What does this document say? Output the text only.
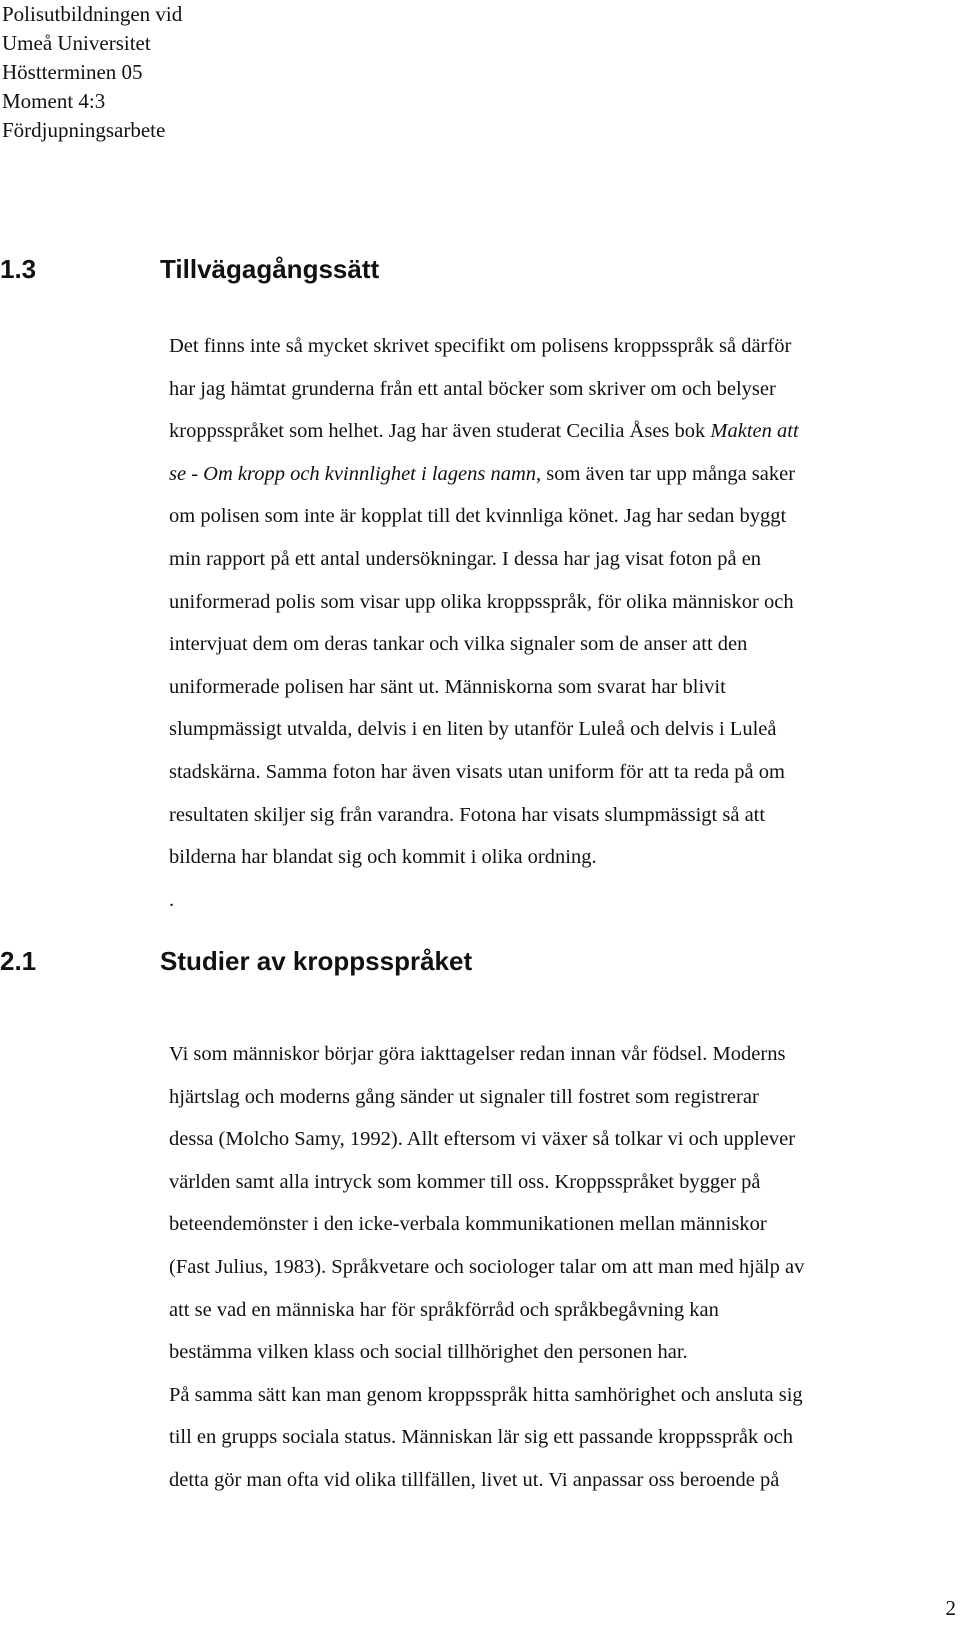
Polisutbildningen vid
Umeå Universitet
Höstterminen 05
Moment 4:3
Fördjupningsarbete
1.3	Tillvägagångssätt
Det finns inte så mycket skrivet specifikt om polisens kroppsspråk så därför
har jag hämtat grunderna från ett antal böcker som skriver om och belyser
kroppsspråket som helhet. Jag har även studerat Cecilia Åses bok Makten att
se - Om kropp och kvinnlighet i lagens namn, som även tar upp många saker
om polisen som inte är kopplat till det kvinnliga könet. Jag har sedan byggt
min rapport på ett antal undersökningar. I dessa har jag visat foton på en
uniformerad polis som visar upp olika kroppsspråk, för olika människor och
intervjuat dem om deras tankar och vilka signaler som de anser att den
uniformerade polisen har sänt ut. Människorna som svarat har blivit
slumpmässigt utvalda, delvis i en liten by utanför Luleå och delvis i Luleå
stadskärna. Samma foton har även visats utan uniform för att ta reda på om
resultaten skiljer sig från varandra. Fotona har visats slumpmässigt så att
bilderna har blandat sig och kommit i olika ordning.
.
2.1	Studier av kroppsspråket
Vi som människor börjar göra iakttagelser redan innan vår födsel. Moderns
hjärtslag och moderns gång sänder ut signaler till fostret som registrerar
dessa (Molcho Samy, 1992). Allt eftersom vi växer så tolkar vi och upplever
världen samt alla intryck som kommer till oss. Kroppsspråket bygger på
beteendemönster i den icke-verbala kommunikationen mellan människor
(Fast Julius, 1983). Språkvetare och sociologer talar om att man med hjälp av
att se vad en människa har för språkförråd och språkbegåvning kan
bestämma vilken klass och social tillhörighet den personen har.
På samma sätt kan man genom kroppsspråk hitta samhörighet och ansluta sig
till en grupps sociala status. Människan lär sig ett passande kroppsspråk och
detta gör man ofta vid olika tillfällen, livet ut. Vi anpassar oss beroende på
2
